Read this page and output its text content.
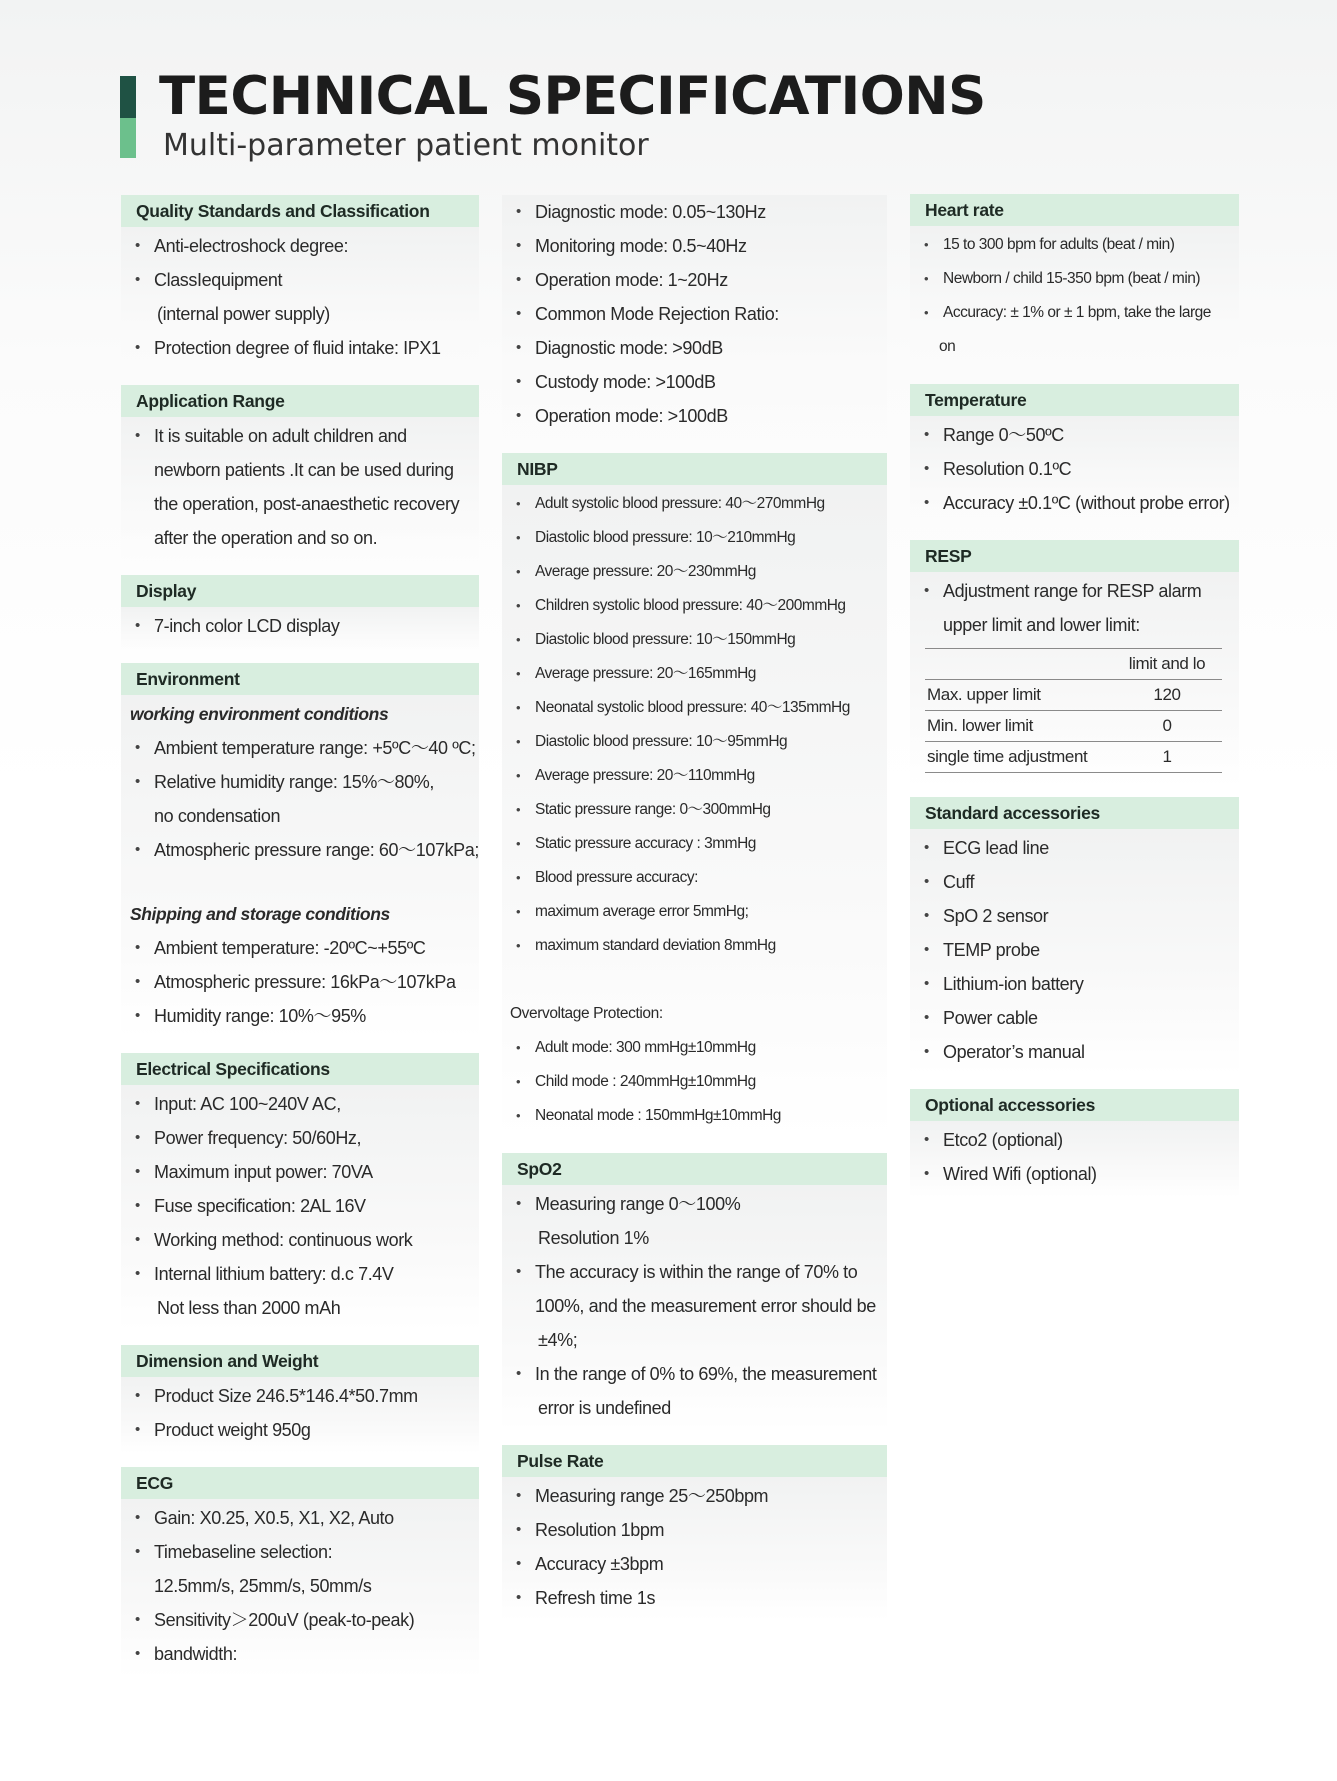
TECHNICAL SPECIFICATIONS
Multi-parameter patient monitor
Quality Standards and Classification
• Anti-electroshock degree:
• ClassIequipment
(internal power supply)
• Protection degree of fluid intake: IPX1
Application Range
• It is suitable on adult children and
newborn patients .It can be used during
the operation, post-anaesthetic recovery
after the operation and so on.
Display
• 7-inch color LCD display
Environment
working environment conditions
• Ambient temperature range: +5ºC～40 ºC;
• Relative humidity range: 15%～80%,
no condensation
• Atmospheric pressure range: 60～107kPa;
Shipping and storage conditions
• Ambient temperature: -20ºC~+55ºC
• Atmospheric pressure: 16kPa～107kPa
• Humidity range: 10%～95%
Electrical Specifications
• Input: AC 100~240V AC,
• Power frequency: 50/60Hz,
• Maximum input power: 70VA
• Fuse specification: 2AL 16V
• Working method: continuous work
• Internal lithium battery: d.c 7.4V
Not less than 2000 mAh
Dimension and Weight
• Product Size 246.5*146.4*50.7mm
• Product weight 950g
ECG
• Gain: X0.25, X0.5, X1, X2, Auto
• Timebaseline selection:
12.5mm/s, 25mm/s, 50mm/s
• Sensitivity＞200uV (peak-to-peak)
• bandwidth:
• Diagnostic mode: 0.05~130Hz
• Monitoring mode: 0.5~40Hz
• Operation mode: 1~20Hz
• Common Mode Rejection Ratio:
• Diagnostic mode: >90dB
• Custody mode: >100dB
• Operation mode: >100dB
NIBP
• Adult systolic blood pressure: 40～270mmHg
• Diastolic blood pressure: 10～210mmHg
• Average pressure: 20～230mmHg
• Children systolic blood pressure: 40～200mmHg
• Diastolic blood pressure: 10～150mmHg
• Average pressure: 20～165mmHg
• Neonatal systolic blood pressure: 40～135mmHg
• Diastolic blood pressure: 10～95mmHg
• Average pressure: 20～110mmHg
• Static pressure range: 0～300mmHg
• Static pressure accuracy : 3mmHg
• Blood pressure accuracy:
• maximum average error 5mmHg;
• maximum standard deviation 8mmHg
Overvoltage Protection:
• Adult mode: 300 mmHg±10mmHg
• Child mode : 240mmHg±10mmHg
• Neonatal mode : 150mmHg±10mmHg
SpO2
• Measuring range 0～100%
Resolution 1%
• The accuracy is within the range of 70% to
100%, and the measurement error should be
±4%;
• In the range of 0% to 69%, the measurement
error is undefined
Pulse Rate
• Measuring range 25～250bpm
• Resolution 1bpm
• Accuracy ±3bpm
• Refresh time 1s
Heart rate
• 15 to 300 bpm for adults (beat / min)
• Newborn / child 15-350 bpm (beat / min)
• Accuracy: ± 1% or ± 1 bpm, take the large
on
Temperature
• Range 0～50ºC
• Resolution 0.1ºC
• Accuracy ±0.1ºC (without probe error)
RESP
• Adjustment range for RESP alarm
upper limit and lower limit:
	limit and lo
Max. upper limit	120
Min. lower limit	0
single time adjustment	1
Standard accessories
• ECG lead line
• Cuff
• SpO 2 sensor
• TEMP probe
• Lithium-ion battery
• Power cable
• Operator’s manual
Optional accessories
• Etco2 (optional)
• Wired Wifi (optional)
